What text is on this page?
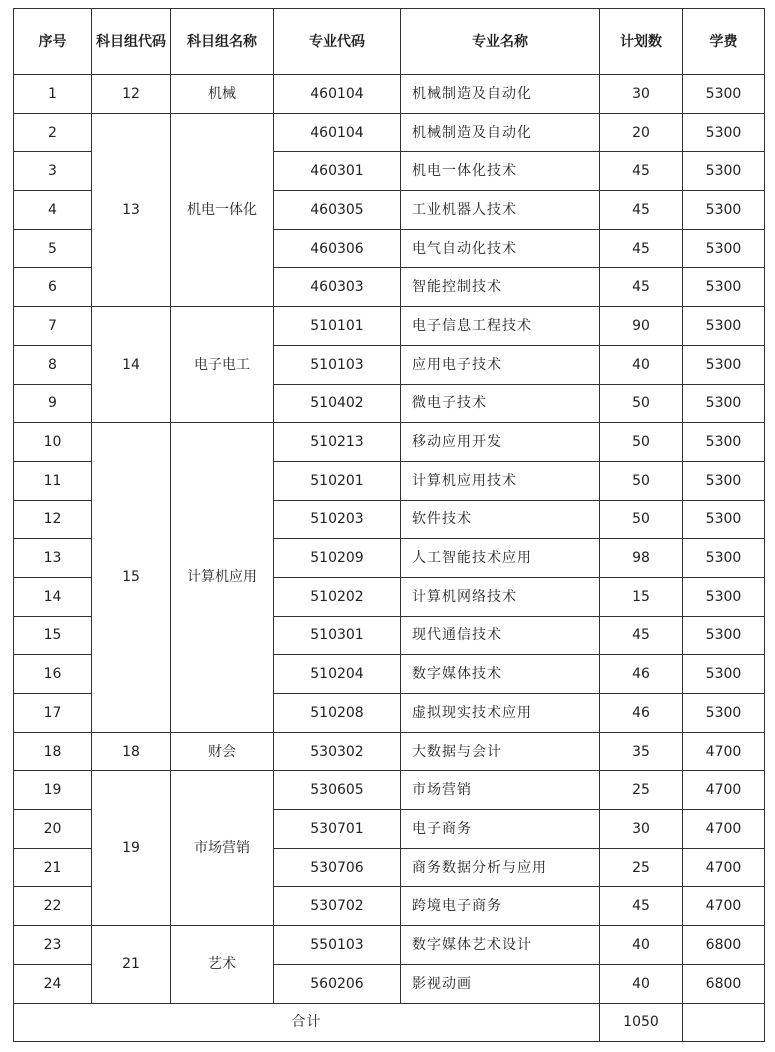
序号	科目组代码	科目组名称	专业代码	专业名称	计划数	学费
1	12	机械	460104	机械制造及自动化	30	5300
2	13	机电一体化	460104	机械制造及自动化	20	5300
3			460301	机电一体化技术	45	5300
4			460305	工业机器人技术	45	5300
5			460306	电气自动化技术	45	5300
6			460303	智能控制技术	45	5300
7	14	电子电工	510101	电子信息工程技术	90	5300
8			510103	应用电子技术	40	5300
9			510402	微电子技术	50	5300
10	15	计算机应用	510213	移动应用开发	50	5300
11			510201	计算机应用技术	50	5300
12			510203	软件技术	50	5300
13			510209	人工智能技术应用	98	5300
14			510202	计算机网络技术	15	5300
15			510301	现代通信技术	45	5300
16			510204	数字媒体技术	46	5300
17			510208	虚拟现实技术应用	46	5300
18	18	财会	530302	大数据与会计	35	4700
19	19	市场营销	530605	市场营销	25	4700
20			530701	电子商务	30	4700
21			530706	商务数据分析与应用	25	4700
22			530702	跨境电子商务	45	4700
23	21	艺术	550103	数字媒体艺术设计	40	6800
24			560206	影视动画	40	6800
合计					1050	
